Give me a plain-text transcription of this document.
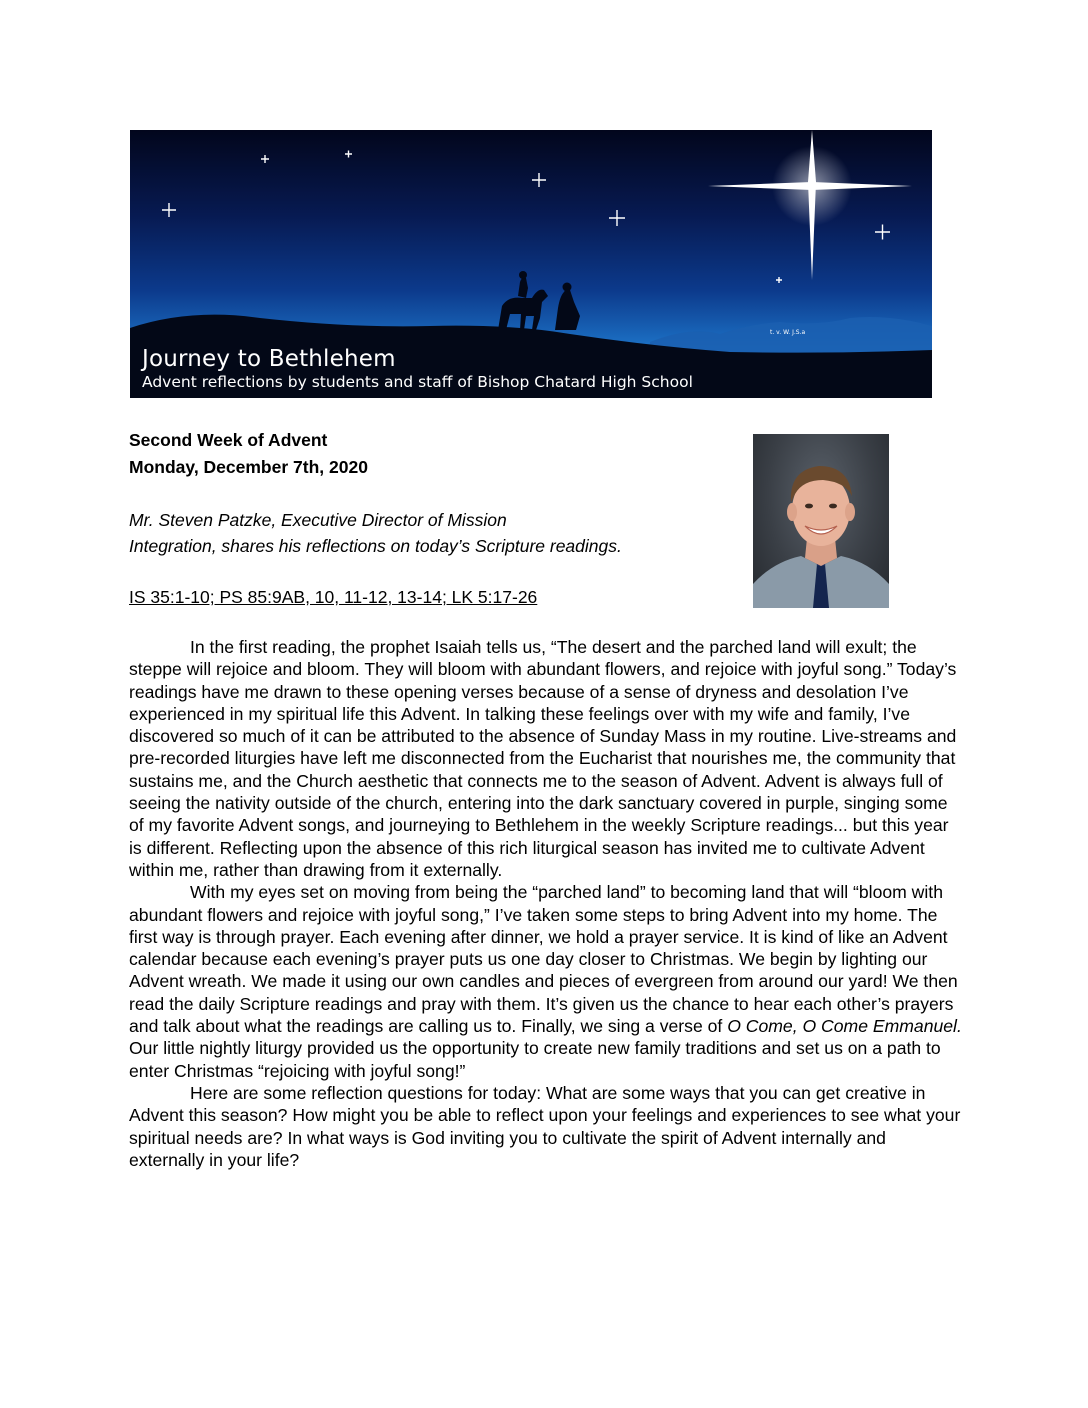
t. v. W. J.S.a
Journey to Bethlehem
Advent reflections by students and staff of Bishop Chatard High School
Second Week of Advent
Monday, December 7th, 2020
Mr. Steven Patzke, Executive Director of Mission
Integration, shares his reflections on today’s Scripture readings.
IS 35:1-10; PS 85:9AB, 10, 11-12, 13-14; LK 5:17-26

In the first reading, the prophet Isaiah tells us, “The desert and the parched land will exult; the steppe will rejoice and bloom. They will bloom with abundant flowers, and rejoice with joyful song.” Today’s readings have me drawn to these opening verses because of a sense of dryness and desolation I’ve experienced in my spiritual life this Advent. In talking these feelings over with my wife and family, I’ve discovered so much of it can be attributed to the absence of Sunday Mass in my routine. Live-streams and pre-recorded liturgies have left me disconnected from the Eucharist that nourishes me, the community that sustains me, and the Church aesthetic that connects me to the season of Advent. Advent is always full of seeing the nativity outside of the church, entering into the dark sanctuary covered in purple, singing some of my favorite Advent songs, and journeying to Bethlehem in the weekly Scripture readings... but this year is different. Reflecting upon the absence of this rich liturgical season has invited me to cultivate Advent within me, rather than drawing from it externally.

With my eyes set on moving from being the “parched land” to becoming land that will “bloom with abundant flowers and rejoice with joyful song,” I’ve taken some steps to bring Advent into my home. The first way is through prayer. Each evening after dinner, we hold a prayer service. It is kind of like an Advent calendar because each evening’s prayer puts us one day closer to Christmas. We begin by lighting our Advent wreath. We made it using our own candles and pieces of evergreen from around our yard! We then read the daily Scripture readings and pray with them. It’s given us the chance to hear each other’s prayers and talk about what the readings are calling us to. Finally, we sing a verse of O Come, O Come Emmanuel. Our little nightly liturgy provided us the opportunity to create new family traditions and set us on a path to enter Christmas “rejoicing with joyful song!”

Here are some reflection questions for today: What are some ways that you can get creative in Advent this season? How might you be able to reflect upon your feelings and experiences to see what your spiritual needs are? In what ways is God inviting you to cultivate the spirit of Advent internally and externally in your life?
